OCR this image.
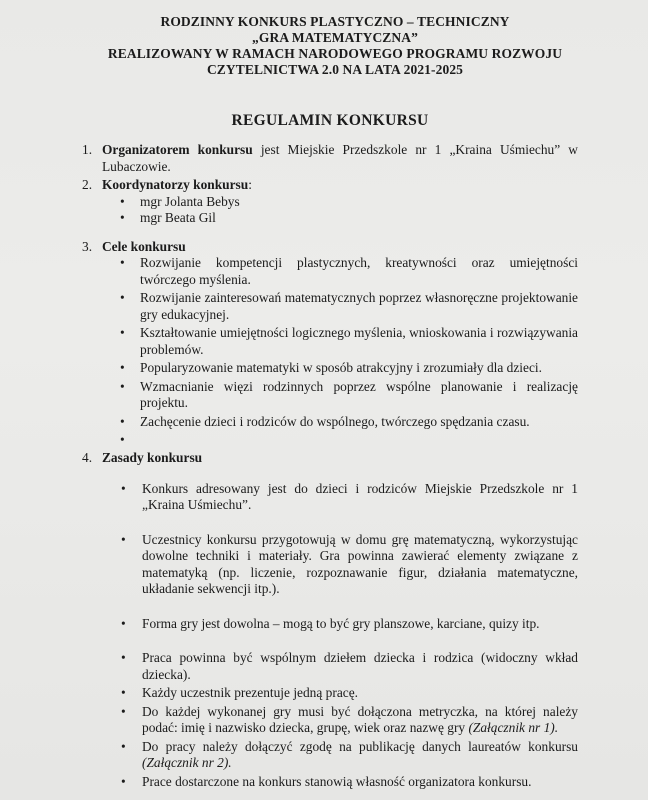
RODZINNY KONKURS PLASTYCZNO – TECHNICZNY
„GRA MATEMATYCZNA”
REALIZOWANY W RAMACH NARODOWEGO PROGRAMU ROZWOJU
CZYTELNICTWA 2.0 NA LATA 2021-2025
REGULAMIN KONKURSU
1. Organizatorem konkursu jest Miejskie Przedszkole nr 1 „Kraina Uśmiechu” w Lubaczowie.
2. Koordynatorzy konkursu:
• mgr Jolanta Bebys
• mgr Beata Gil
3. Cele konkursu
• Rozwijanie kompetencji plastycznych, kreatywności oraz umiejętności twórczego myślenia.
• Rozwijanie zainteresowań matematycznych poprzez własnoręczne projektowanie gry edukacyjnej.
• Kształtowanie umiejętności logicznego myślenia, wnioskowania i rozwiązywania problemów.
• Popularyzowanie matematyki w sposób atrakcyjny i zrozumiały dla dzieci.
• Wzmacnianie więzi rodzinnych poprzez wspólne planowanie i realizację projektu.
• Zachęcenie dzieci i rodziców do wspólnego, twórczego spędzania czasu.
•
4. Zasady konkursu
• Konkurs adresowany jest do dzieci i rodziców Miejskie Przedszkole nr 1 „Kraina Uśmiechu”.
• Uczestnicy konkursu przygotowują w domu grę matematyczną, wykorzystując dowolne techniki i materiały. Gra powinna zawierać elementy związane z matematyką (np. liczenie, rozpoznawanie figur, działania matematyczne, układanie sekwencji itp.).
• Forma gry jest dowolna – mogą to być gry planszowe, karciane, quizy itp.
• Praca powinna być wspólnym dziełem dziecka i rodzica (widoczny wkład dziecka).
• Każdy uczestnik prezentuje jedną pracę.
• Do każdej wykonanej gry musi być dołączona metryczka, na której należy podać: imię i nazwisko dziecka, grupę, wiek oraz nazwę gry (Załącznik nr 1).
• Do pracy należy dołączyć zgodę na publikację danych laureatów konkursu (Załącznik nr 2).
• Prace dostarczone na konkurs stanowią własność organizatora konkursu.
